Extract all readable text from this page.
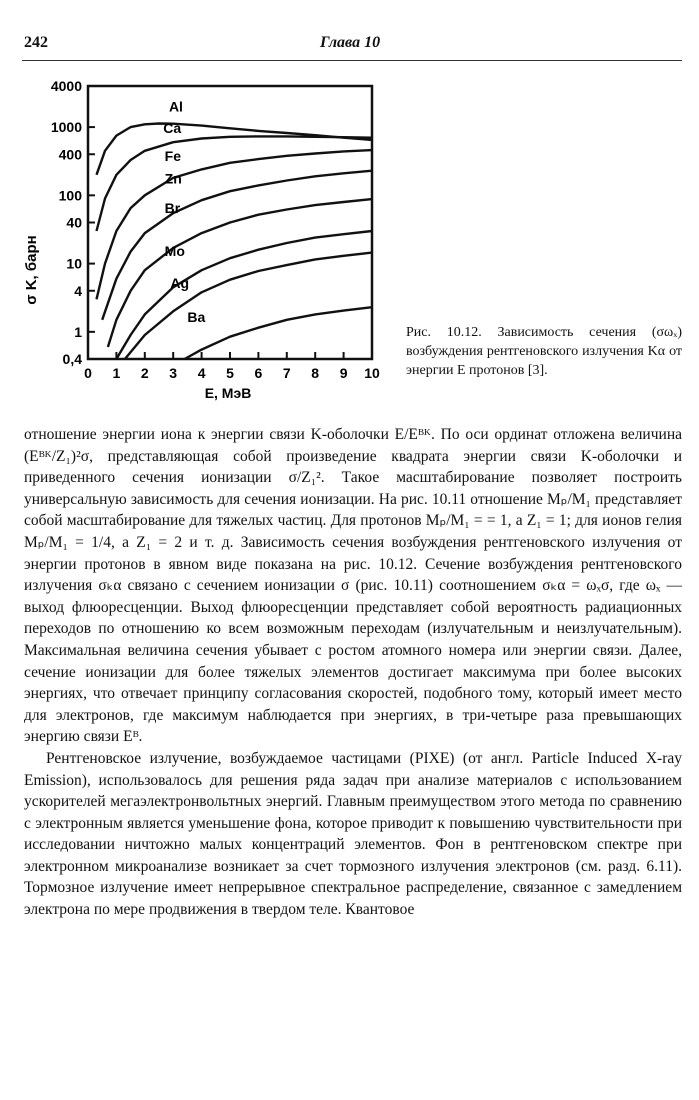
242	Глава 10
0 1 2 3 4 5 6 7 8 9 10
0,4
1
4
10
40
100
400
1000
4000
Al
Ca
Fe
Zn
Br
Mo
Ag
Ba
σ K, барн
Е, МэВ
Рис. 10.12. Зависимость сечения (σωₓ) возбуждения рентгеновского излучения Kα от энергии Е протонов [3].

отношение энергии иона к энергии связи K-оболочки E/Eᴮᴷ. По оси ординат отложена величина (Eᴮᴷ/Z₁)²σ, представляющая собой произведение квадрата энергии связи K-оболочки и приведенного сечения ионизации σ/Z₁². Такое масштабирование позволяет построить универсальную зависимость для сечения ионизации. На рис. 10.11 отношение Mₚ/M₁ представляет собой масштабирование для тяжелых частиц. Для протонов Mₚ/M₁ = = 1, а Z₁ = 1; для ионов гелия Mₚ/M₁ = 1/4, а Z₁ = 2 и т. д. Зависимость сечения возбуждения рентгеновского излучения от энергии протонов в явном виде показана на рис. 10.12. Сечение возбуждения рентгеновского излучения σₖα связано с сечением ионизации σ (рис. 10.11) соотношением σₖα = ωₓσ, где ωₓ — выход флюоресценции. Выход флюоресценции представляет собой вероятность радиационных переходов по отношению ко всем возможным переходам (излучательным и неизлучательным). Максимальная величина сечения убывает с ростом атомного номера или энергии связи. Далее, сечение ионизации для более тяжелых элементов достигает максимума при более высоких энергиях, что отвечает принципу согласования скоростей, подобного тому, который имеет место для электронов, где максимум наблюдается при энергиях, в три-четыре раза превышающих энергию связи Eᴮ.

Рентгеновское излучение, возбуждаемое частицами (PIXE) (от англ. Particle Induced X-ray Emission), использовалось для решения ряда задач при анализе материалов с использованием ускорителей мегаэлектронвольтных энергий. Главным преимуществом этого метода по сравнению с электронным является уменьшение фона, которое приводит к повышению чувствительности при исследовании ничтожно малых концентраций элементов. Фон в рентгеновском спектре при электронном микроанализе возникает за счет тормозного излучения электронов (см. разд. 6.11). Тормозное излучение имеет непрерывное спектральное распределение, связанное с замедлением электрона по мере продвижения в твердом теле. Квантовое
